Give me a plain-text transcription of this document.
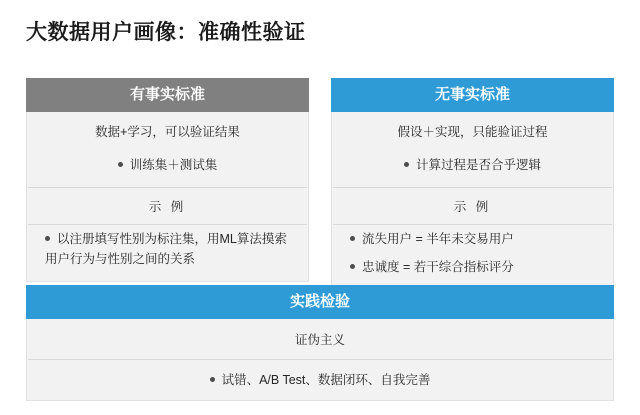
大数据用户画像：准确性验证
有事实标准
数据+学习，可以验证结果
训练集＋测试集
示 例
以注册填写性别为标注集，用ML算法摸索用户行为与性别之间的关系
无事实标准
假设＋实现，只能验证过程
计算过程是否合乎逻辑
示 例
流失用户 = 半年未交易用户
忠诚度 = 若干综合指标评分
实践检验
证伪主义
试错、A/B Test、数据闭环、自我完善
